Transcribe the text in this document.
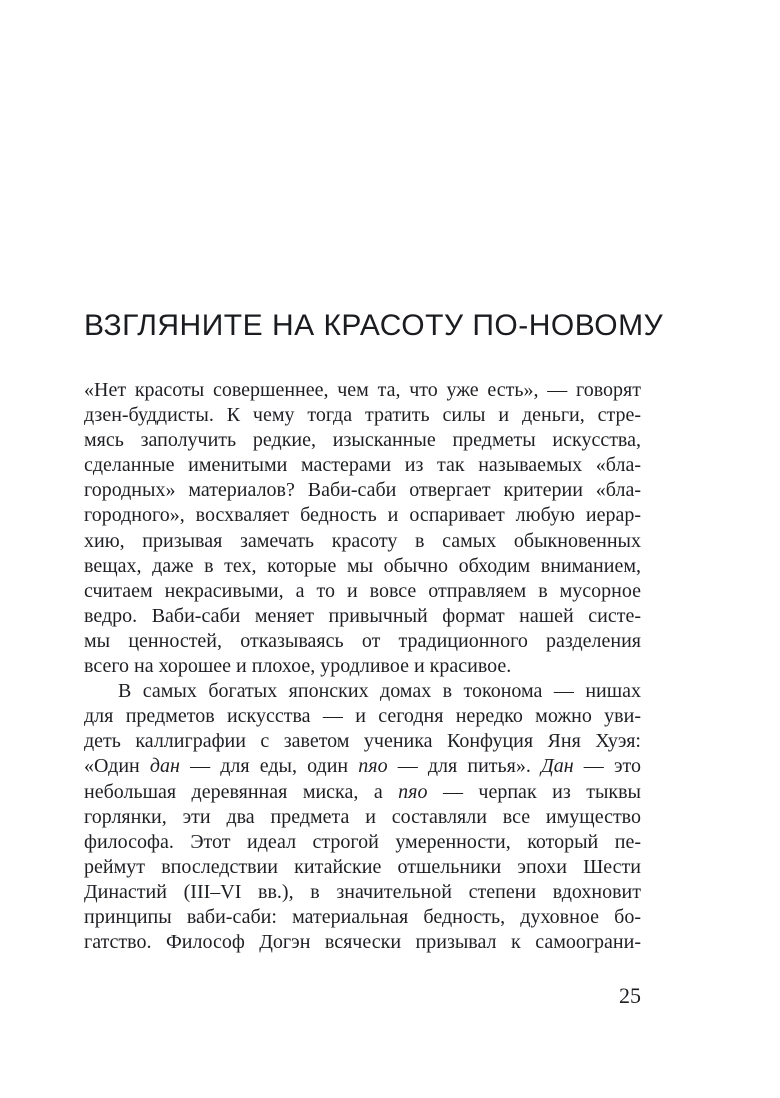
ВЗГЛЯНИТЕ НА КРАСОТУ ПО-НОВОМУ
«Нет красоты совершеннее, чем та, что уже есть», — говорят
дзен-буддисты. К чему тогда тратить силы и деньги, стре-
мясь заполучить редкие, изысканные предметы искусства,
сделанные именитыми мастерами из так называемых «бла-
городных» материалов? Ваби-саби отвергает критерии «бла-
городного», восхваляет бедность и оспаривает любую иерар-
хию, призывая замечать красоту в самых обыкновенных
вещах, даже в тех, которые мы обычно обходим вниманием,
считаем некрасивыми, а то и вовсе отправляем в мусорное
ведро. Ваби-саби меняет привычный формат нашей систе-
мы ценностей, отказываясь от традиционного разделения
всего на хорошее и плохое, уродливое и красивое.
В самых богатых японских домах в токонома — нишах
для предметов искусства — и сегодня нередко можно уви-
деть каллиграфии с заветом ученика Конфуция Яня Хуэя:
«Один дан — для еды, один пяо — для питья». Дан — это
небольшая деревянная миска, а пяо — черпак из тыквы
горлянки, эти два предмета и составляли все имущество
философа. Этот идеал строгой умеренности, который пе-
реймут впоследствии китайские отшельники эпохи Шести
Династий (III–VI вв.), в значительной степени вдохновит
принципы ваби-саби: материальная бедность, духовное бо-
гатство. Философ Догэн всячески призывал к самоограни-
25
